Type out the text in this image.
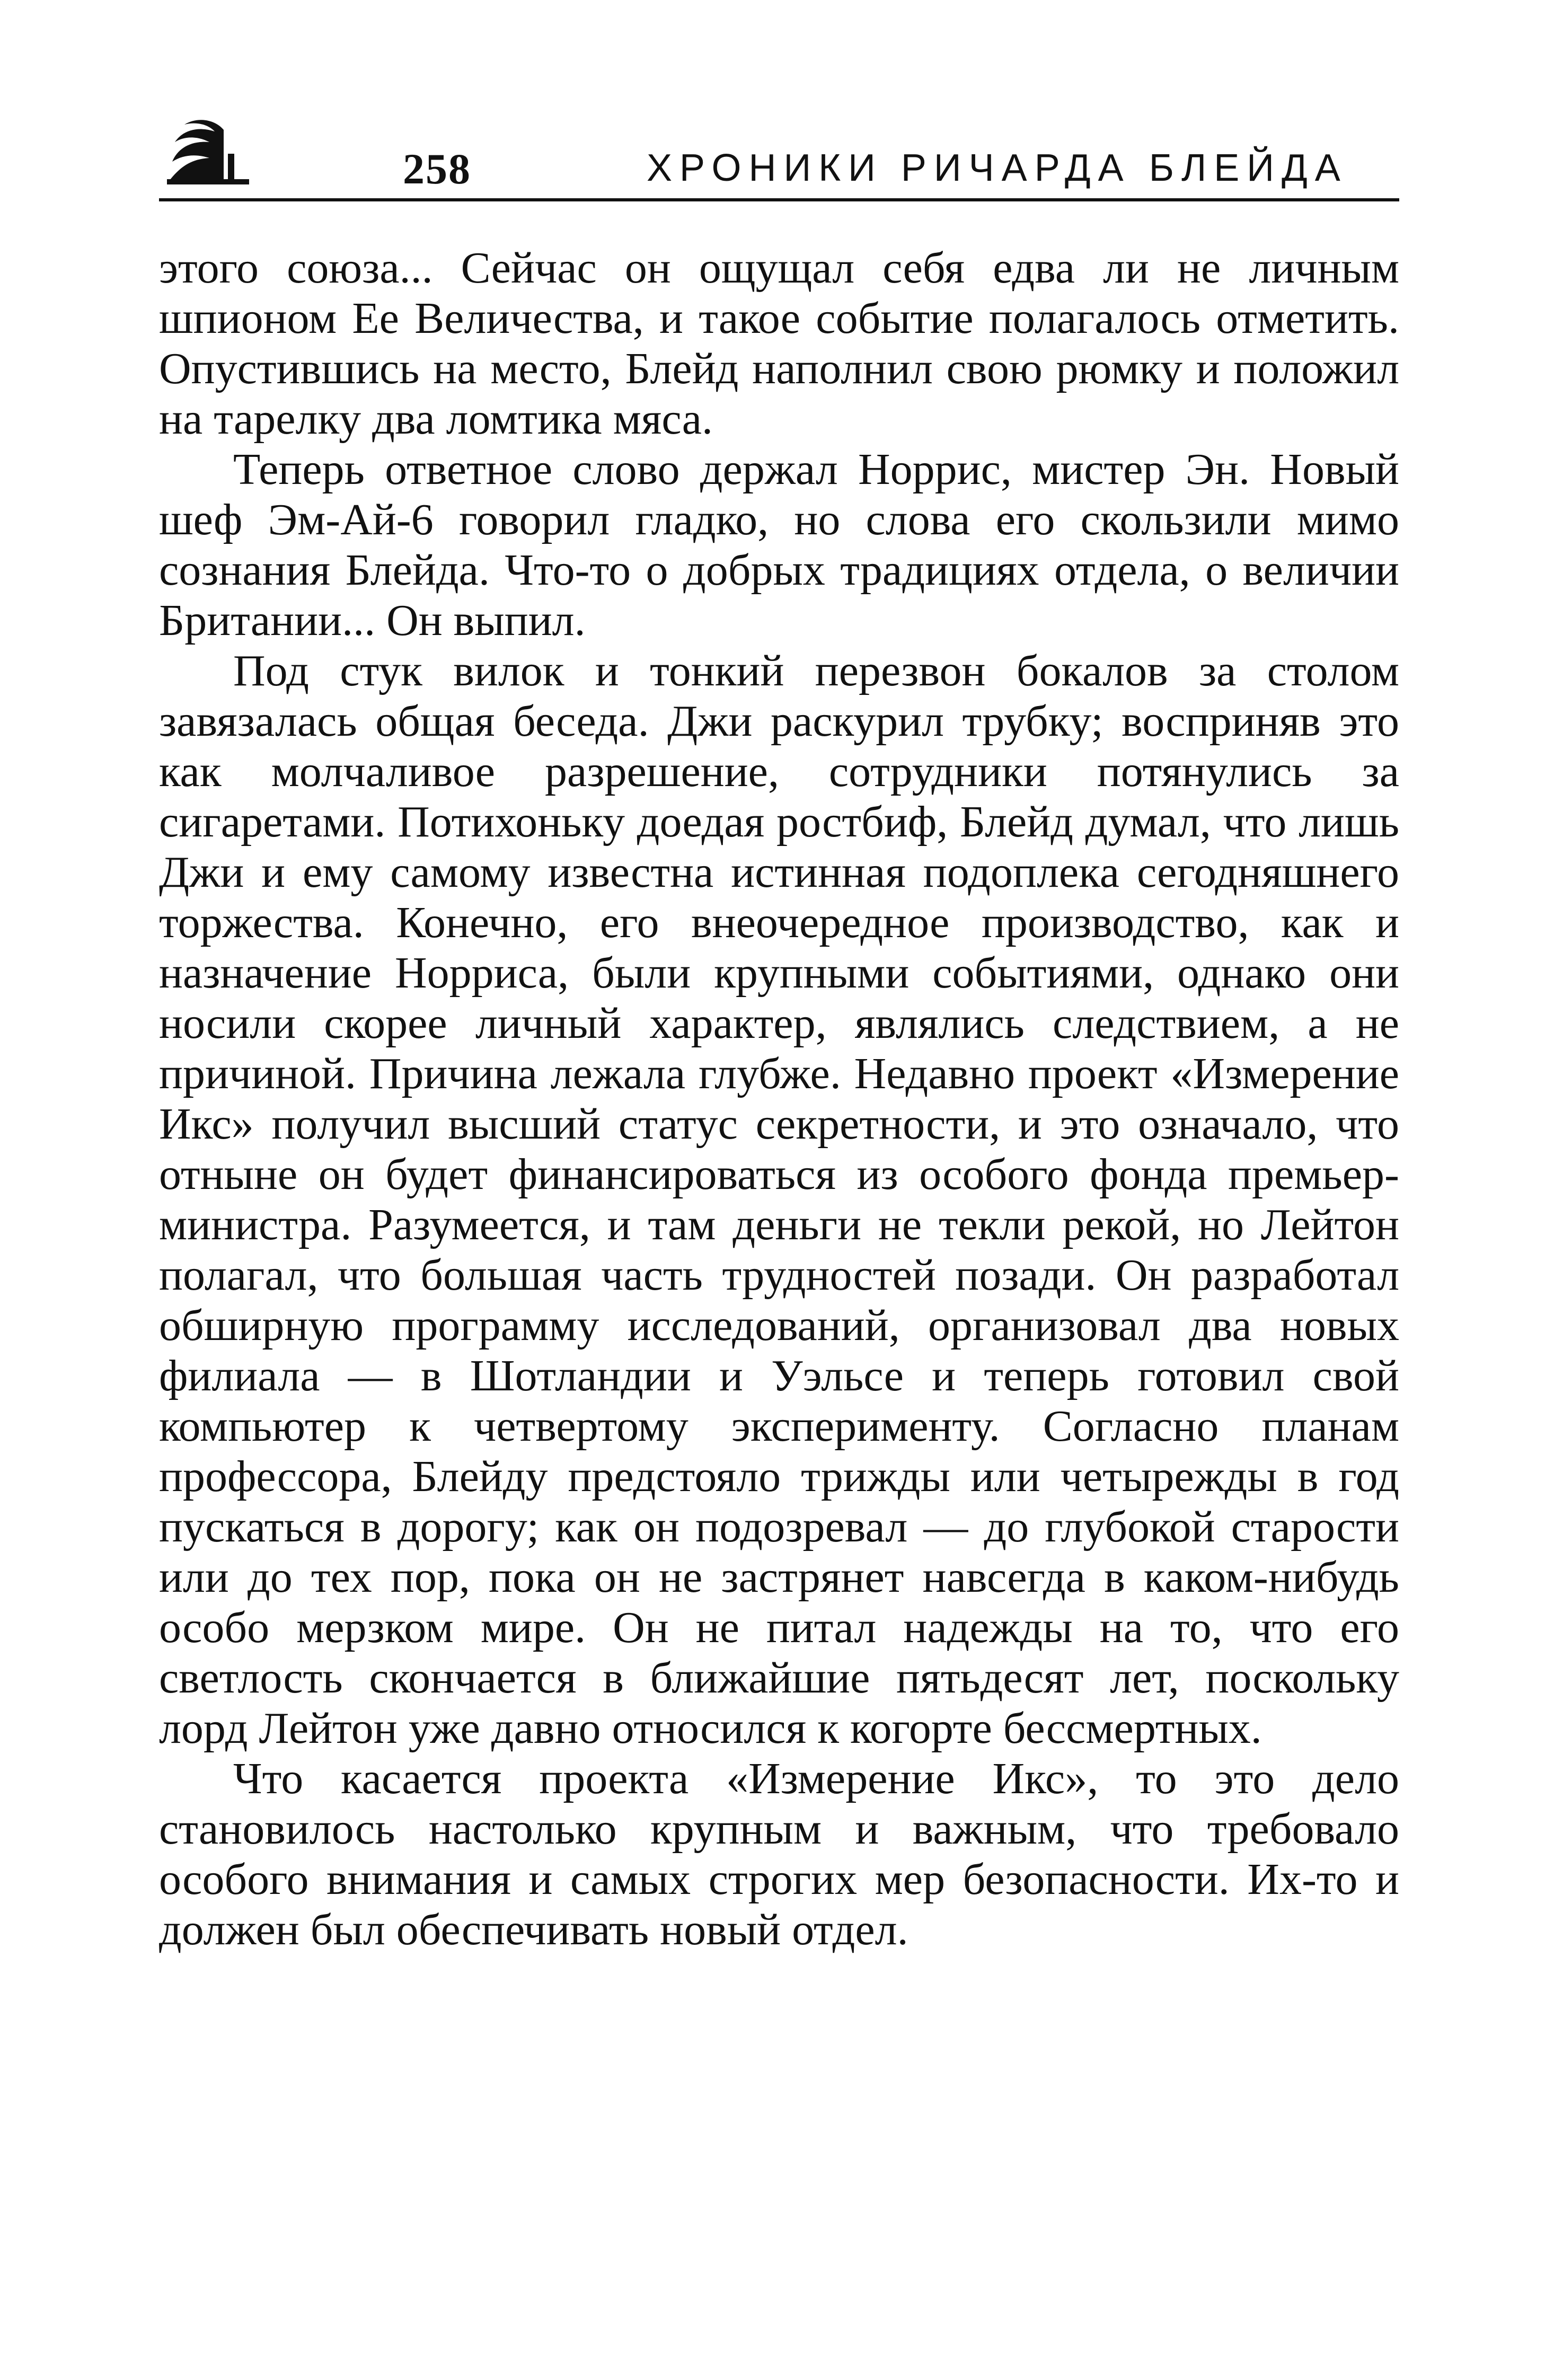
258	ХРОНИКИ РИЧАРДА БЛЕЙДА

этого союза... Сейчас он ощущал себя едва ли не личным шпионом Ее Величества, и такое событие полагалось отметить. Опустившись на место, Блейд наполнил свою рюмку и положил на тарелку два ломтика мяса.

Теперь ответное слово держал Норрис, мистер Эн. Новый шеф Эм-Ай-6 говорил гладко, но слова его скользили мимо сознания Блейда. Что-то о добрых традициях отдела, о величии Британии... Он выпил.

Под стук вилок и тонкий перезвон бокалов за столом завязалась общая беседа. Джи раскурил трубку; восприняв это как молчаливое разрешение, сотрудники потянулись за сигаретами. Потихоньку доедая ростбиф, Блейд думал, что лишь Джи и ему самому известна истинная подоплека сегодняшнего торжества. Конечно, его внеочередное производство, как и назначение Норриса, были крупными событиями, однако они носили скорее личный характер, являлись следствием, а не причиной. Причина лежала глубже. Недавно проект «Измерение Икс» получил высший статус секретности, и это означало, что отныне он будет финансироваться из особого фонда премьер-министра. Разумеется, и там деньги не текли рекой, но Лейтон полагал, что большая часть трудностей позади. Он разработал обширную программу исследований, организовал два новых филиала — в Шотландии и Уэльсе и теперь готовил свой компьютер к четвертому эксперименту. Согласно планам профессора, Блейду предстояло трижды или четырежды в год пускаться в дорогу; как он подозревал — до глубокой старости или до тех пор, пока он не застрянет навсегда в каком-нибудь особо мерзком мире. Он не питал надежды на то, что его светлость скончается в ближайшие пятьдесят лет, поскольку лорд Лейтон уже давно относился к когорте бессмертных.

Что касается проекта «Измерение Икс», то это дело становилось настолько крупным и важным, что требовало особого внимания и самых строгих мер безопасности. Их-то и должен был обеспечивать новый отдел.
